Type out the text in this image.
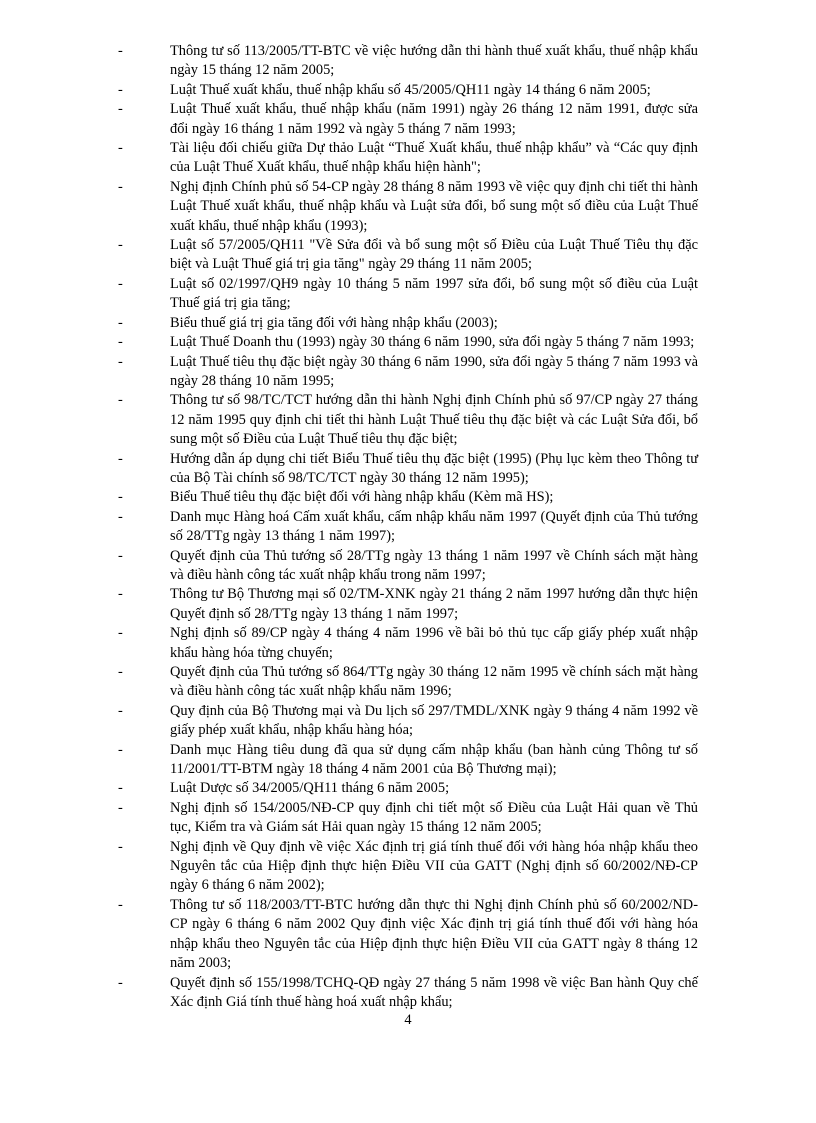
-	Thông tư số 113/2005/TT-BTC về việc hướng dẫn thi hành thuế xuất khẩu, thuế nhập khẩu ngày 15 tháng 12 năm 2005;
-	Luật Thuế xuất khẩu, thuế nhập khẩu số 45/2005/QH11 ngày 14 tháng 6 năm 2005;
-	Luật Thuế xuất khẩu, thuế nhập khẩu (năm 1991) ngày 26 tháng 12 năm 1991, được sửa đổi ngày 16 tháng 1 năm 1992 và ngày 5 tháng 7 năm 1993;
-	Tài liệu đối chiếu giữa Dự thảo Luật “Thuế Xuất khẩu, thuế nhập khẩu” và “Các quy định của Luật Thuế Xuất khẩu, thuế nhập khẩu hiện hành";
-	Nghị định Chính phủ số 54-CP ngày 28 tháng 8 năm 1993 về việc quy định chi tiết thi hành Luật Thuế xuất khẩu, thuế nhập khẩu và Luật sửa đổi, bổ sung một số điều của Luật Thuế xuất khẩu, thuế nhập khẩu (1993);
-	Luật số 57/2005/QH11 "Về Sửa đổi và bổ sung một số Điều của Luật Thuế Tiêu thụ đặc biệt và Luật Thuế giá trị gia tăng" ngày 29 tháng 11 năm 2005;
-	Luật số 02/1997/QH9 ngày 10 tháng 5 năm 1997 sửa đổi, bổ sung một số điều của Luật Thuế giá trị gia tăng;
-	Biểu thuế giá trị gia tăng đối với hàng nhập khẩu (2003);
-	Luật Thuế Doanh thu (1993) ngày 30 tháng 6 năm 1990, sửa đổi ngày 5 tháng 7 năm 1993;
-	Luật Thuế tiêu thụ đặc biệt ngày 30 tháng 6 năm 1990, sửa đổi ngày 5 tháng 7 năm 1993 và ngày 28 tháng 10 năm 1995;
-	Thông tư số 98/TC/TCT hướng dẫn thi hành Nghị định Chính phủ số 97/CP ngày 27 tháng 12 năm 1995 quy định chi tiết thi hành Luật Thuế tiêu thụ đặc biệt và các Luật Sửa đổi, bổ sung một số Điều của Luật Thuế tiêu thụ đặc biệt;
-	Hướng dẫn áp dụng chi tiết Biểu Thuế tiêu thụ đặc biệt (1995) (Phụ lục kèm theo Thông tư của Bộ Tài chính số 98/TC/TCT ngày 30 tháng 12 năm 1995);
-	Biểu Thuế tiêu thụ đặc biệt đối với hàng nhập khẩu (Kèm mã HS);
-	Danh mục Hàng hoá Cấm xuất khẩu, cấm nhập khẩu năm 1997 (Quyết định của Thủ tướng số 28/TTg ngày 13 tháng 1 năm 1997);
-	Quyết định của Thủ tướng số 28/TTg ngày 13 tháng 1 năm 1997 về Chính sách mặt hàng và điều hành công tác xuất nhập khẩu trong năm 1997;
-	Thông tư Bộ Thương mại số 02/TM-XNK ngày 21 tháng 2 năm 1997 hướng dẫn thực hiện Quyết định số 28/TTg ngày 13 tháng 1 năm 1997;
-	Nghị định số 89/CP ngày 4 tháng 4 năm 1996 về bãi bỏ thủ tục cấp giấy phép xuất nhập khẩu hàng hóa từng chuyến;
-	Quyết định của Thủ tướng số 864/TTg ngày 30 tháng 12 năm 1995 về chính sách mặt hàng và điều hành công tác xuất nhập khẩu năm 1996;
-	Quy định của Bộ Thương mại và Du lịch số 297/TMDL/XNK ngày 9 tháng 4 năm 1992 về giấy phép xuất khẩu, nhập khẩu hàng hóa;
-	Danh mục Hàng tiêu dung đã qua sử dụng cấm nhập khẩu (ban hành củng Thông tư số 11/2001/TT-BTM ngày 18 tháng 4 năm 2001 của Bộ Thương mại);
-	Luật Dược số 34/2005/QH11 tháng 6 năm 2005;
-	Nghị định số 154/2005/NĐ-CP quy định chi tiết một số Điều của Luật Hải quan về Thủ tục, Kiểm tra và Giám sát Hải quan ngày 15 tháng 12 năm 2005;
-	Nghị định về Quy định về việc Xác định trị giá tính thuế đối với hàng hóa nhập khẩu theo Nguyên tắc của Hiệp định thực hiện Điều VII của GATT (Nghị định số 60/2002/NĐ-CP ngày 6 tháng 6 năm 2002);
-	Thông tư số 118/2003/TT-BTC hướng dẫn thực thi Nghị định Chính phủ số 60/2002/ND-CP ngày 6 tháng 6 năm 2002 Quy định việc Xác định trị giá tính thuế đối với hàng hóa nhập khẩu theo Nguyên tắc của Hiệp định thực hiện Điều VII của GATT ngày 8 tháng 12 năm 2003;
-	Quyết định số 155/1998/TCHQ-QĐ ngày 27 tháng 5 năm 1998 về việc Ban hành Quy chế Xác định Giá tính thuế hàng hoá xuất nhập khẩu;
4
